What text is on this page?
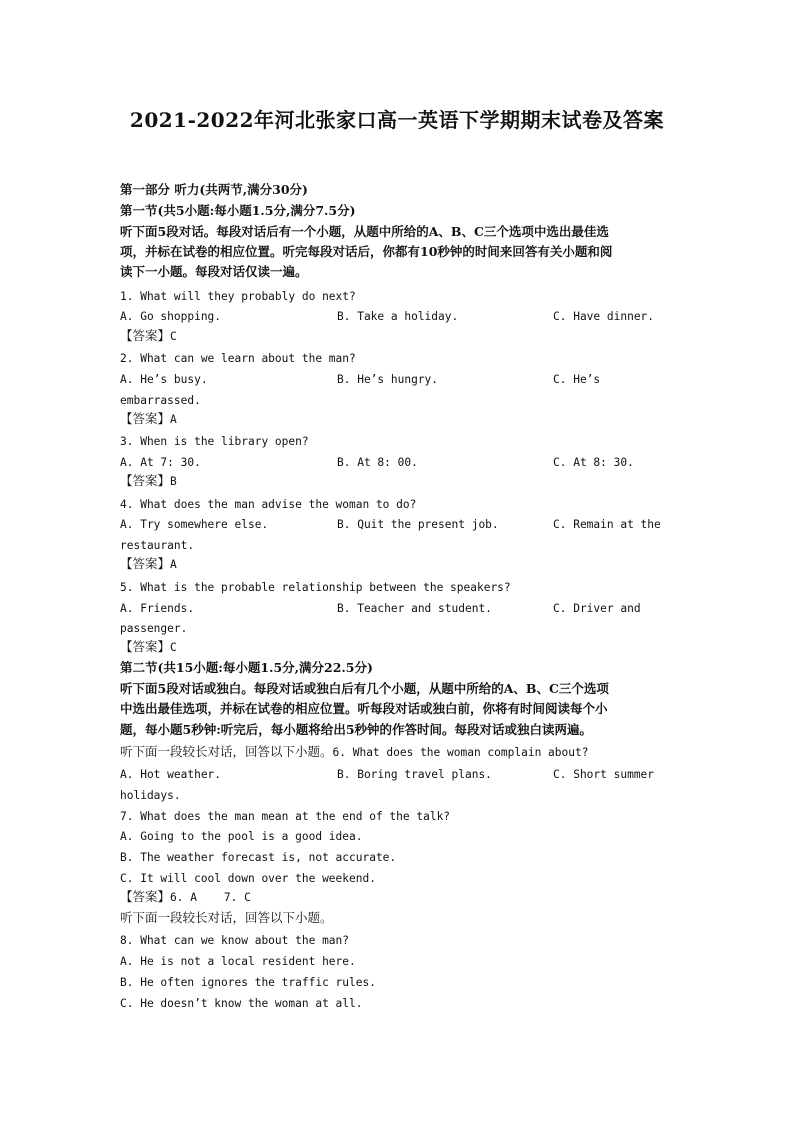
2021-2022年河北张家口高一英语下学期期末试卷及答案
第一部分 听力(共两节,满分30分)
第一节(共5小题:每小题1.5分,满分7.5分)
听下面5段对话。每段对话后有一个小题，从题中所给的A、B、C三个选项中选出最佳选
项，并标在试卷的相应位置。听完每段对话后，你都有10秒钟的时间来回答有关小题和阅
读下一小题。每段对话仅读一遍。
1. What will they probably do next?
A. Go shopping.	B. Take a holiday.	C. Have dinner.
【答案】C
2. What can we learn about the man?
A. He’s busy.	B. He’s hungry.	C. He’s
embarrassed.
【答案】A
3. When is the library open?
A. At 7: 30.	B. At 8: 00.	C. At 8: 30.
【答案】B
4. What does the man advise the woman to do?
A. Try somewhere else.	B. Quit the present job.	C. Remain at the
restaurant.
【答案】A
5. What is the probable relationship between the speakers?
A. Friends.	B. Teacher and student.	C. Driver and
passenger.
【答案】C
第二节(共15小题:每小题1.5分,满分22.5分)
听下面5段对话或独白。每段对话或独白后有几个小题，从题中所给的A、B、C三个选项
中选出最佳选项，并标在试卷的相应位置。听每段对话或独白前，你将有时间阅读每个小
题，每小题5秒钟:听完后，每小题将给出5秒钟的作答时间。每段对话或独白读两遍。
听下面一段较长对话，回答以下小题。6. What does the woman complain about?
A. Hot weather.	B. Boring travel plans.	C. Short summer
holidays.
7. What does the man mean at the end of the talk?
A. Going to the pool is a good idea.
B. The weather forecast is, not accurate.
C. It will cool down over the weekend.
【答案】6. A    7. C
听下面一段较长对话，回答以下小题。
8. What can we know about the man?
A. He is not a local resident here.
B. He often ignores the traffic rules.
C. He doesn’t know the woman at all.
